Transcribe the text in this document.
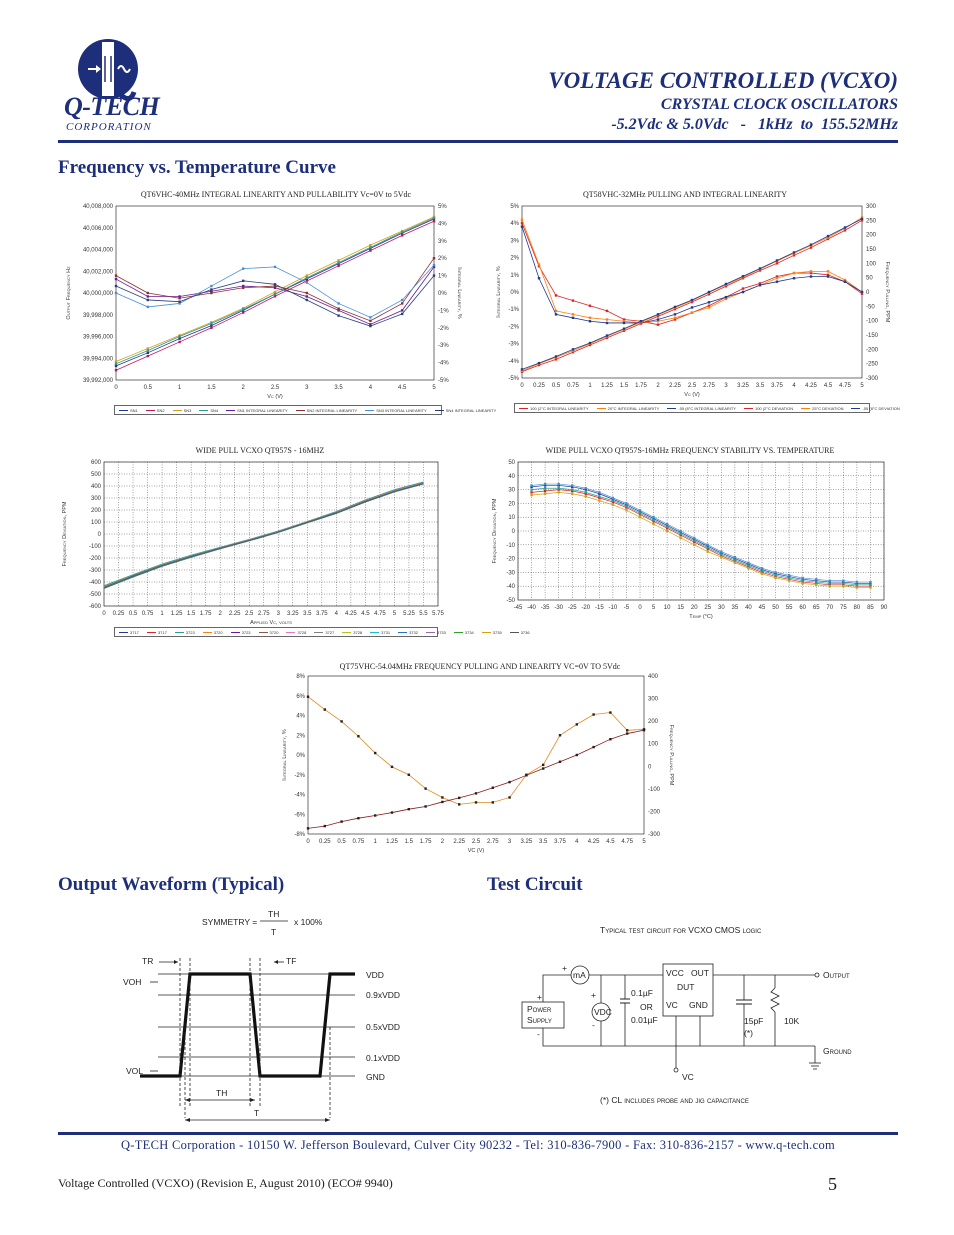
Q-TECH
CORPORATION
VOLTAGE CONTROLLED (VCXO)
CRYSTAL CLOCK OSCILLATORS
-5.2Vdc & 5.0Vdc   -   1kHz  to  155.52MHz
Frequency vs. Temperature Curve
QT6VHC-40MHz INTEGRAL LINEARITY AND PULLABILITY Vc=0V to 5Vdc
39,992,000
39,994,000
39,996,000
39,998,000
40,000,000
40,002,000
40,004,000
40,006,000
40,008,000
-5%
-4%
-3%
-2%
-1%
0%
1%
2%
3%
4%
5%
0	0.5	1	1.5	2	2.5	3	3.5	4	4.5	5
Vc (V)
Output Frequency Hz	Integral Linearity, %
SN1	SN2	SN3	SN4	SN1 INTEGRAL LINEARITY	SN2 INTEGRAL LINEARITY	SN3 INTEGRAL LINEARITY	SN4 INTEGRAL LINEARITY
QT58VHC-32MHz PULLING AND INTEGRAL LINEARITY
-5%
-4%
-3%
-2%
-1%
0%
1%
2%
3%
4%
5%
-300
-250
-200
-150
-100
-50
0
50
100
150
200
250
300
0 0.25 0.5 0.75 1 1.25 1.5 1.75 2 2.25 2.5 2.75 3 3.25 3.5 3.75 4 4.25 4.5 4.75 5
Vc (V)
Integral Linearity, %	Frequency Pulling, PPM
100 (2°C INTEGRAL LINEARITY	20°C INTEGRAL LINEARITY	-55 (8°C INTEGRAL LINEARITY	100 (2°C DEVIATION	25°C DEVIATION	-55 (8°C DEVIATION
WIDE PULL VCXO QT957S - 16MHZ
-600
-500
-400
-300
-200
-100
0
100
200
300
400
500
600
0 0.25 0.5 0.75 1 1.25 1.5 1.75 2 2.25 2.5 2.75 3 3.25 3.5 3.75 4 4.25 4.5 4.75 5 5.25 5.5 5.75
Applied Vc, volts
Frequency Deviation, PPM
3717	3717	3723	3720	3723	3720	3728	3727	3728	3731	3732	3733	3734	3735	3736
WIDE PULL VCXO QT957S-16MHz FREQUENCY STABILITY VS. TEMPERATURE
-50
-40
-30
-20
-10
0
10
20
30
40
50
-45 -40 -35 -30 -25 -20 -15 -10 -5 0 5 10 15 20 25 30 35 40 45 50 55 60 65 70 75 80 85 90
Temp (°C)
Frequency Deviation, PPM
QT75VHC-54.04MHz FREQUENCY PULLING AND LINEARITY VC=0V TO 5Vdc
-8%
-6%
-4%
-2%
0%
2%
4%
6%
8%
-300
-200
-100
0
100
200
300
400
0 0.25 0.5 0.75 1 1.25 1.5 1.75 2 2.25 2.5 2.75 3 3.25 3.5 3.75 4 4.25 4.5 4.75 5
VC (V)
Integral Linearity, %	Frequency Pulling, PPM
Output Waveform (Typical)	Test Circuit
SYMMETRY =
TH
T
x 100%
TR	TF
VOH
VOL
VDD
0.9xVDD
0.5xVDD
0.1xVDD
GND
TH
T
Typical test circuit for VCXO CMOS logic
mA
+
Power
Supply
+
-
VDC
+
-
0.1µF
OR
0.01µF
VCC OUT
DUT
VC GND
15pF
(*)
10K
Output
Ground
VC
(*) CL includes probe and jig capacitance
Q-TECH Corporation - 10150 W. Jefferson Boulevard, Culver City 90232 - Tel: 310-836-7900 - Fax: 310-836-2157 - www.q-tech.com
Voltage Controlled (VCXO) (Revision E, August 2010) (ECO# 9940)	5
